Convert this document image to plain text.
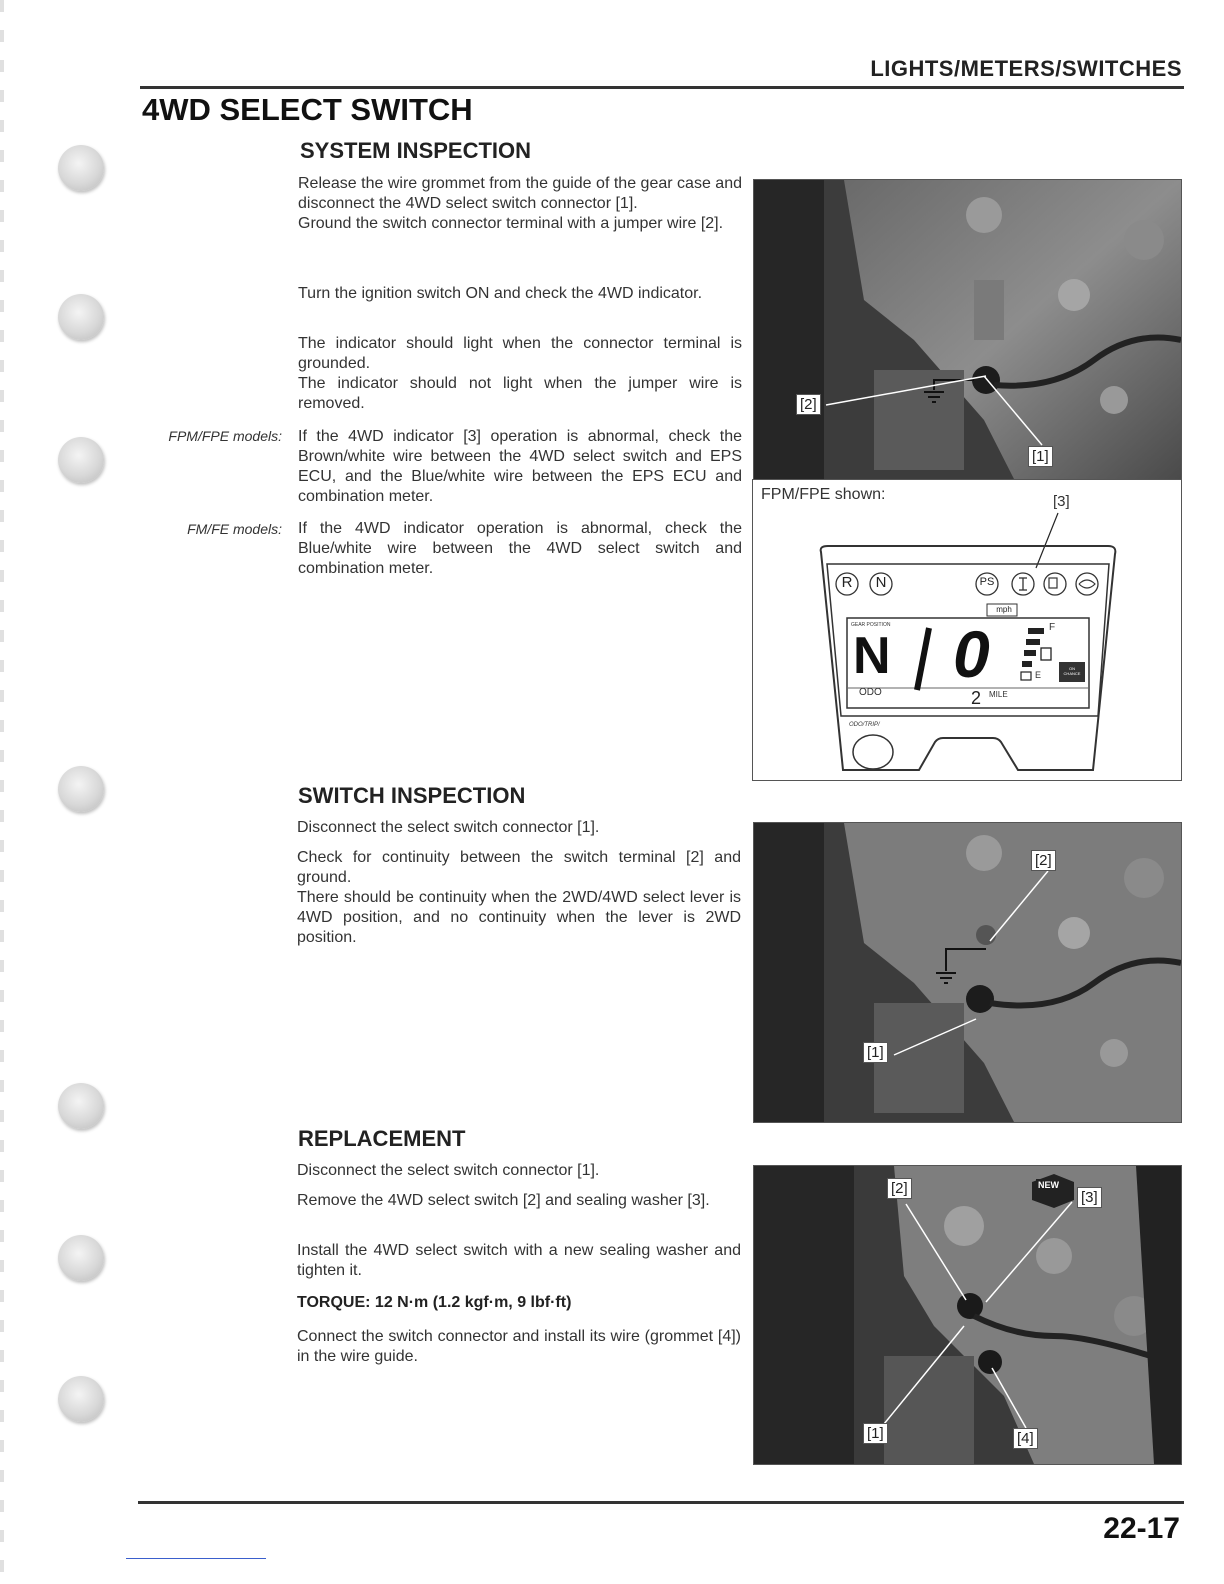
LIGHTS/METERS/SWITCHES
4WD SELECT SWITCH
SYSTEM INSPECTION
Release the wire grommet from the guide of the gear case and disconnect the 4WD select switch connector [1].
Ground the switch connector terminal with a jumper wire [2].
Turn the ignition switch ON and check the 4WD indicator.
The indicator should light when the connector terminal is grounded.
The indicator should not light when the jumper wire is removed.
FPM/FPE models: If the 4WD indicator [3] operation is abnormal, check the Brown/white wire between the 4WD select switch and EPS ECU, and the Blue/white wire between the EPS ECU and combination meter.
FM/FE models: If the 4WD indicator operation is abnormal, check the Blue/white wire between the 4WD select switch and combination meter.
[2]
[1]
FPM/FPE shown:	[3]
R	N	PS
mph
GEAR POSITION
N 0	F
E
ON CHANCE
ODO	2 MILE
ODO/TRIP/
SWITCH INSPECTION
Disconnect the select switch connector [1].
Check for continuity between the switch terminal [2] and ground.
There should be continuity when the 2WD/4WD select lever is 4WD position, and no continuity when the lever is 2WD position.
[2]
[1]
REPLACEMENT
Disconnect the select switch connector [1].
Remove the 4WD select switch [2] and sealing washer [3].
Install the 4WD select switch with a new sealing washer and tighten it.
TORQUE: 12 N·m (1.2 kgf·m, 9 lbf·ft)
Connect the switch connector and install its wire (grommet [4]) in the wire guide.
[2]	NEW
[3]
[1]	[4]
22-17
